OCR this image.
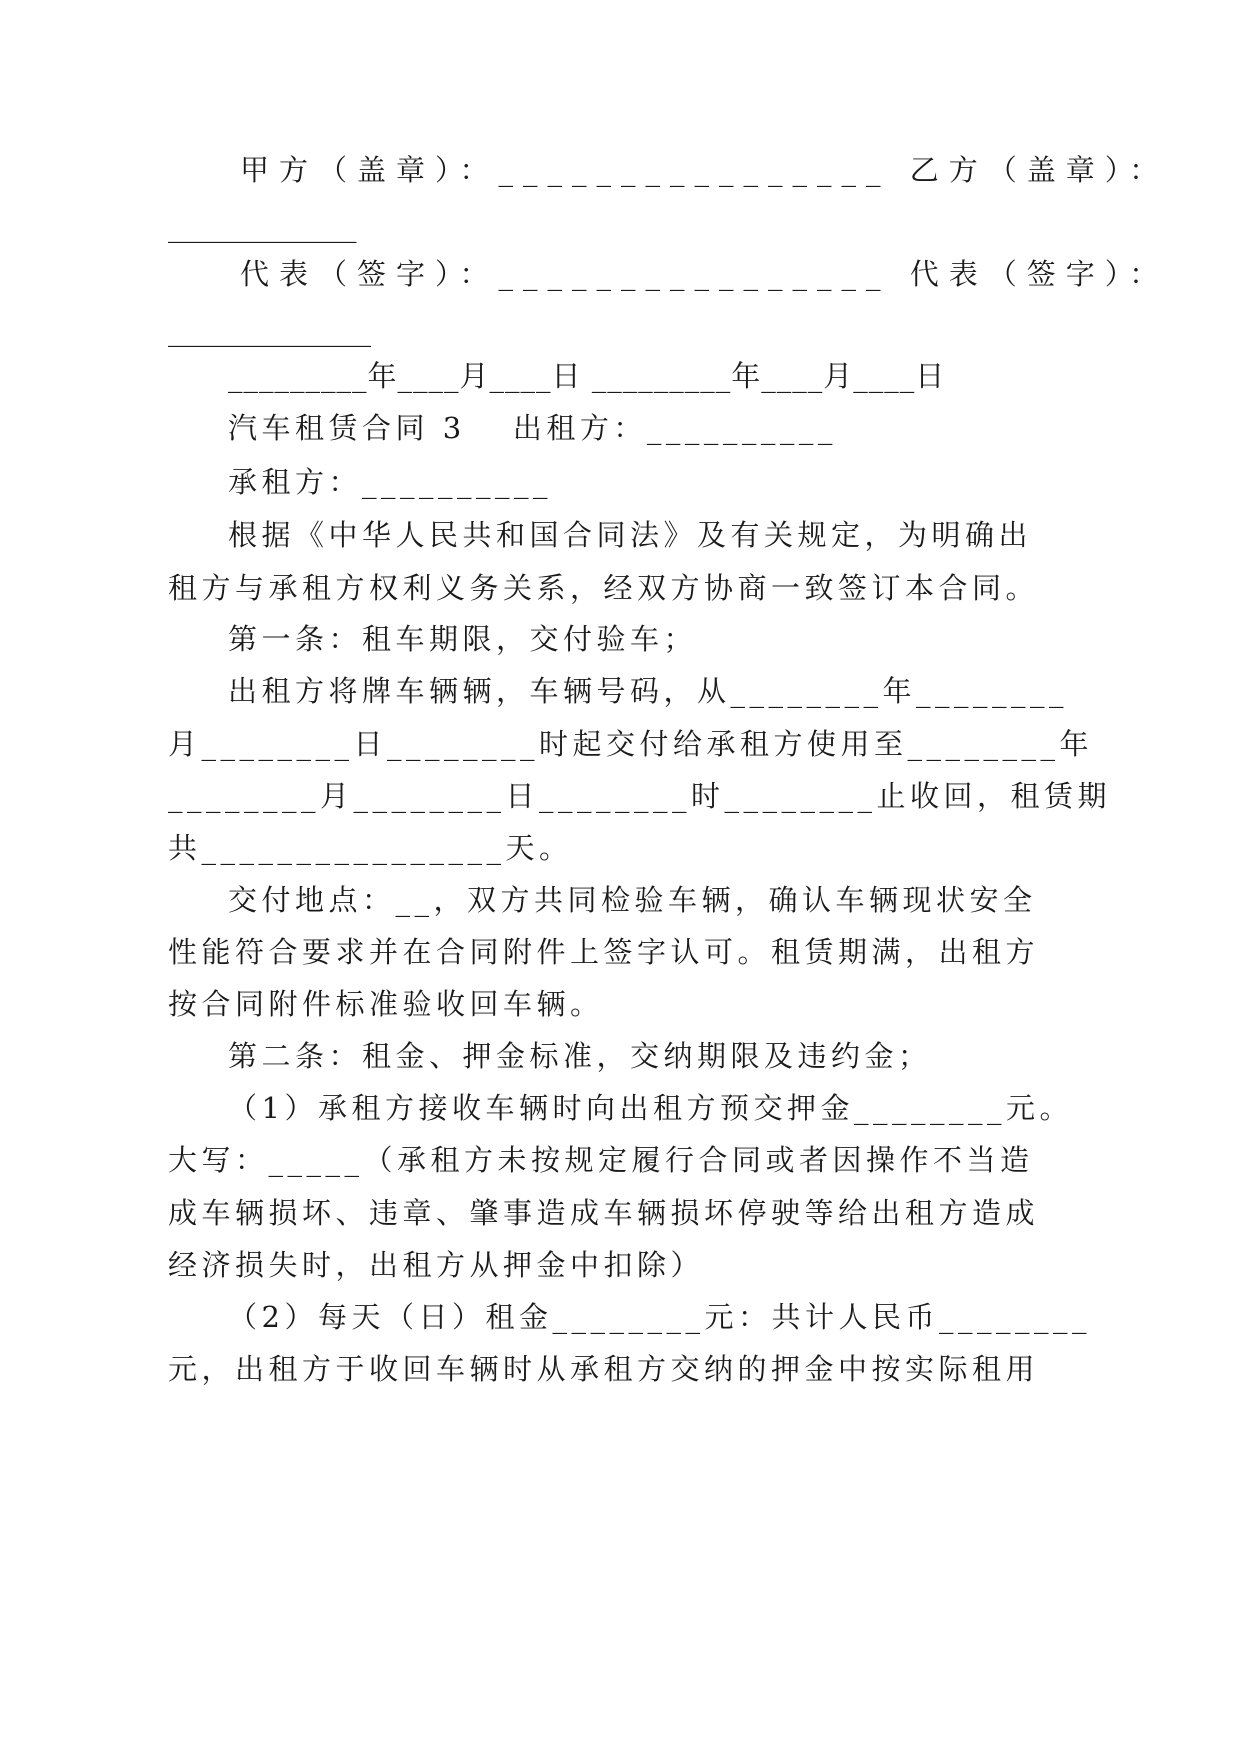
甲方（盖章）：________________ 乙方（盖章）：
_____________
代表（签字）：________________ 代表（签字）：
______________
_________年____月____日 _________年____月____日
汽车租赁合同 3　 出租方：__________
承租方：__________
根据《中华人民共和国合同法》及有关规定，为明确出
租方与承租方权利义务关系，经双方协商一致签订本合同。
第一条：租车期限，交付验车；
出租方将牌车辆辆，车辆号码，从________年________
月________日________时起交付给承租方使用至________年
________月________日________时________止收回，租赁期
共________________天。
交付地点：__，双方共同检验车辆，确认车辆现状安全
性能符合要求并在合同附件上签字认可。租赁期满，出租方
按合同附件标准验收回车辆。
第二条：租金、押金标准，交纳期限及违约金；
（1）承租方接收车辆时向出租方预交押金________元。
大写：_____（承租方未按规定履行合同或者因操作不当造
成车辆损坏、违章、肇事造成车辆损坏停驶等给出租方造成
经济损失时，出租方从押金中扣除）
（2）每天（日）租金________元：共计人民币________
元，出租方于收回车辆时从承租方交纳的押金中按实际租用
